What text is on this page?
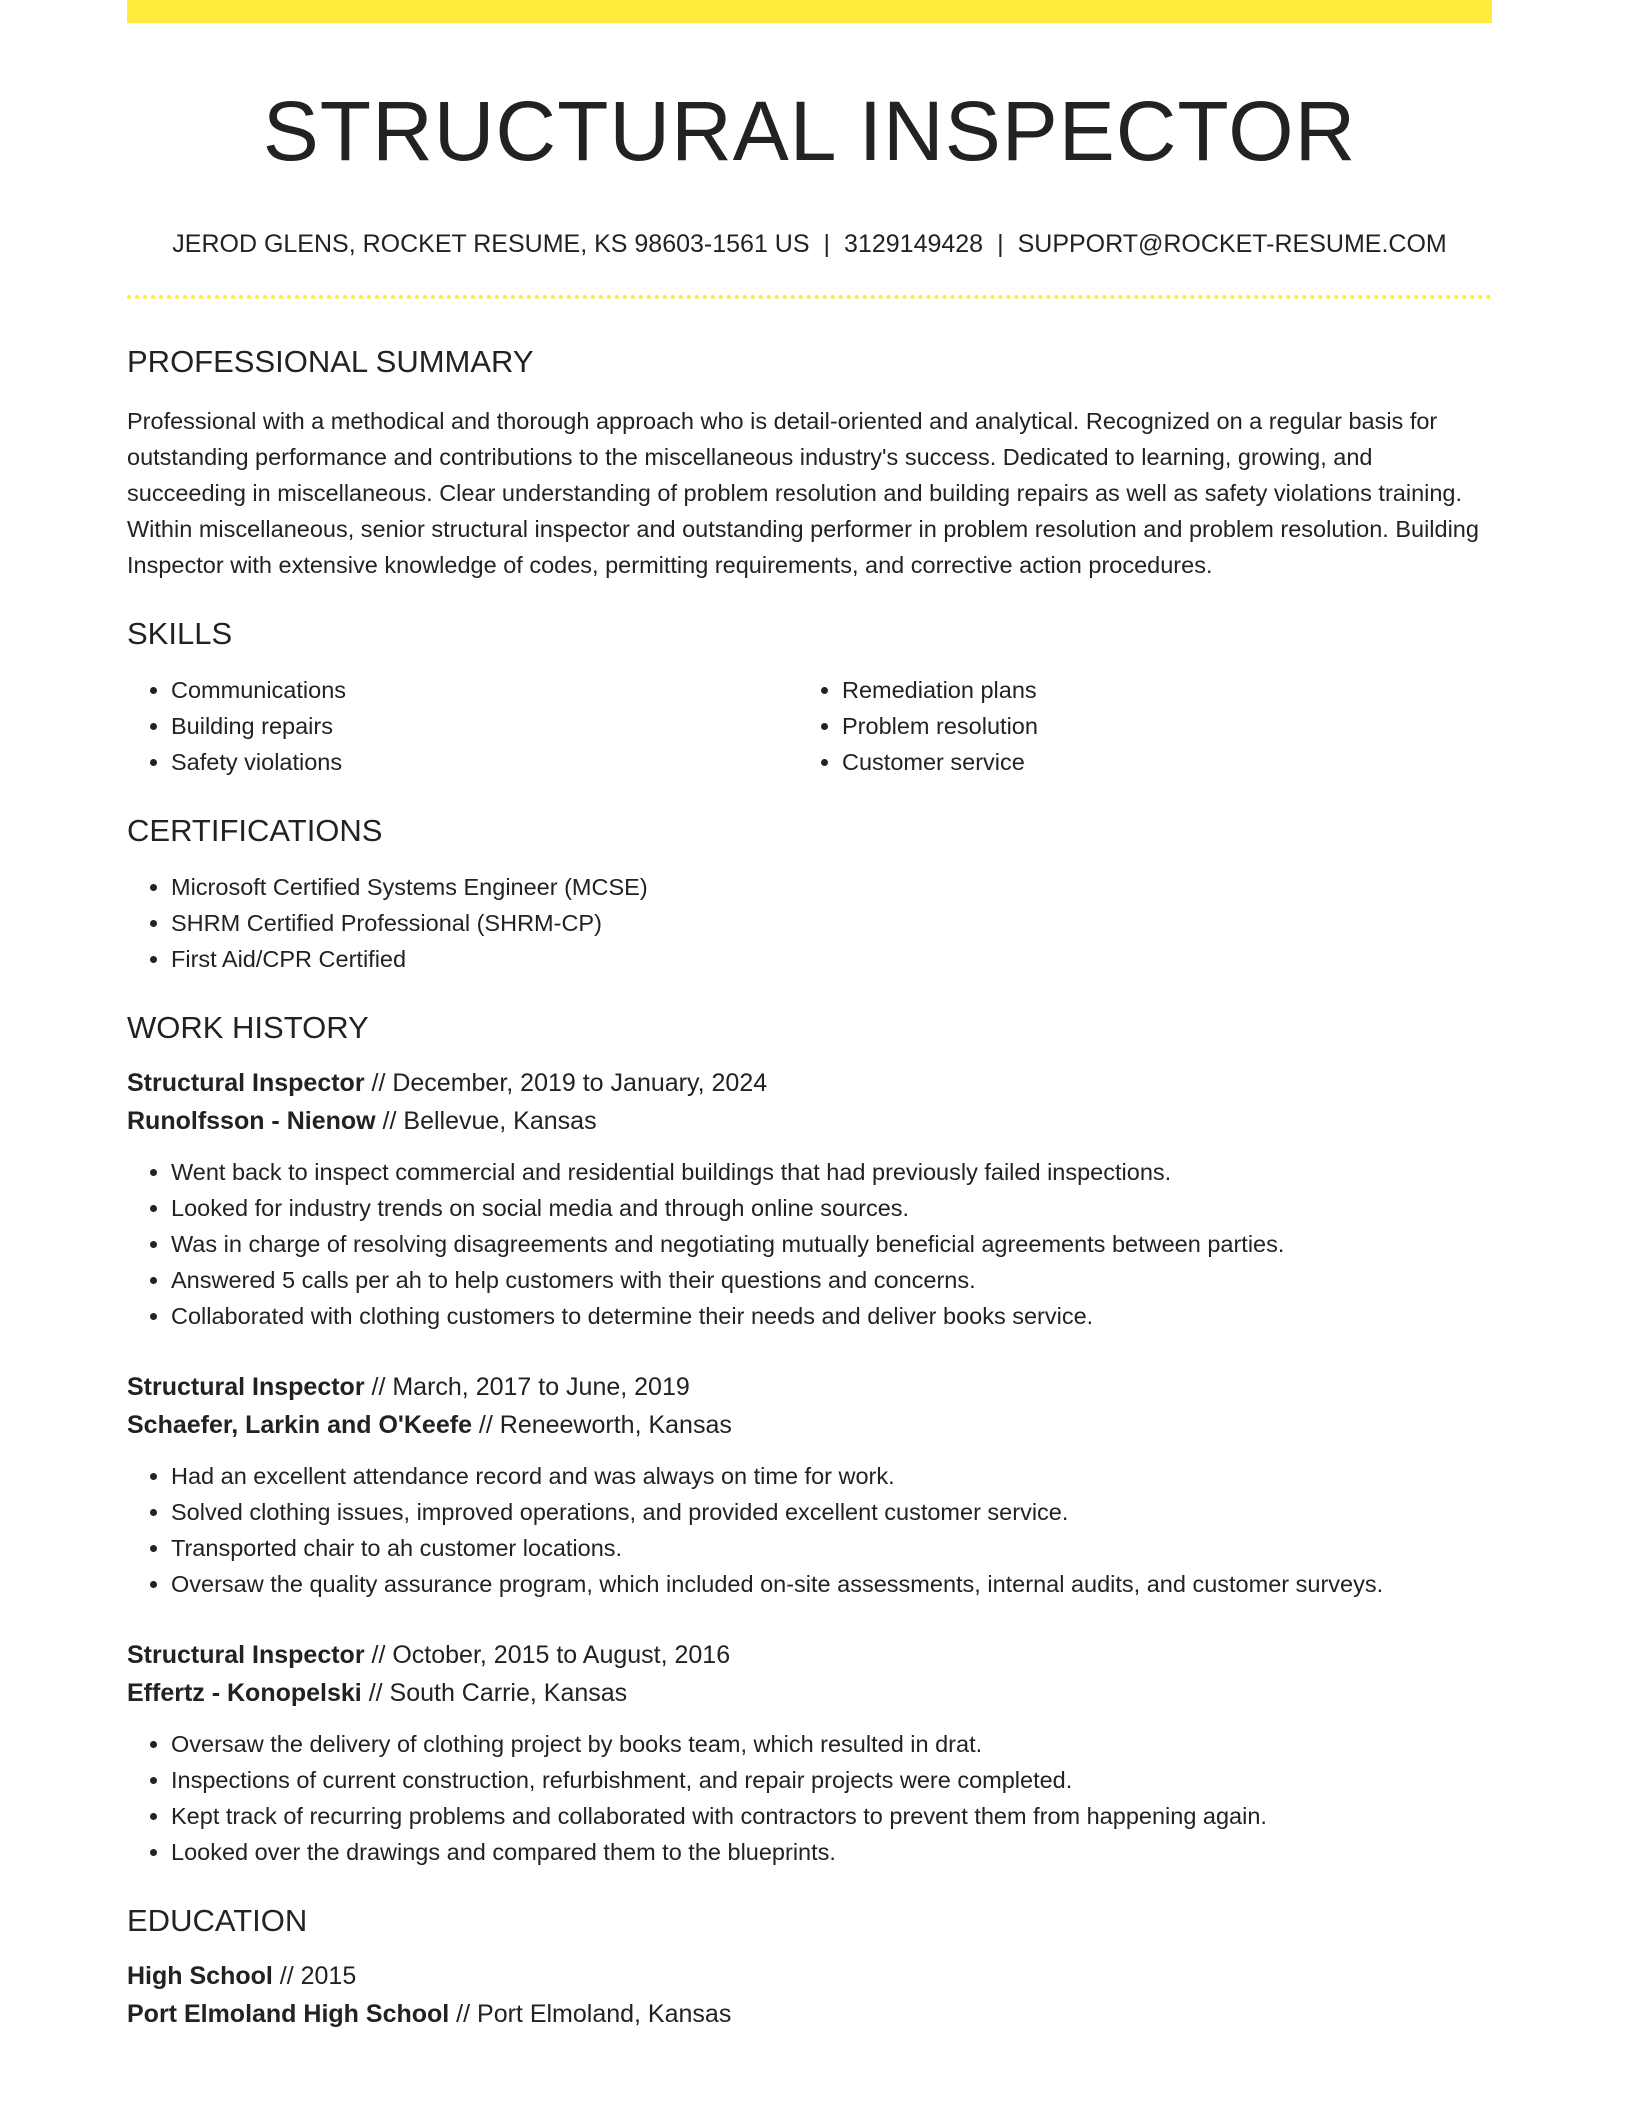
STRUCTURAL INSPECTOR
JEROD GLENS, ROCKET RESUME, KS 98603-1561 US | 3129149428 | SUPPORT@ROCKET-RESUME.COM
PROFESSIONAL SUMMARY

Professional with a methodical and thorough approach who is detail-oriented and analytical. Recognized on a regular basis for outstanding performance and contributions to the miscellaneous industry's success. Dedicated to learning, growing, and succeeding in miscellaneous. Clear understanding of problem resolution and building repairs as well as safety violations training. Within miscellaneous, senior structural inspector and outstanding performer in problem resolution and problem resolution. Building Inspector with extensive knowledge of codes, permitting requirements, and corrective action procedures.

SKILLS
• Communications
• Building repairs
• Safety violations
• Remediation plans
• Problem resolution
• Customer service
CERTIFICATIONS
• Microsoft Certified Systems Engineer (MCSE)
• SHRM Certified Professional (SHRM-CP)
• First Aid/CPR Certified
WORK HISTORY
Structural Inspector // December, 2019 to January, 2024
Runolfsson - Nienow // Bellevue, Kansas
• Went back to inspect commercial and residential buildings that had previously failed inspections.
• Looked for industry trends on social media and through online sources.
• Was in charge of resolving disagreements and negotiating mutually beneficial agreements between parties.
• Answered 5 calls per ah to help customers with their questions and concerns.
• Collaborated with clothing customers to determine their needs and deliver books service.
Structural Inspector // March, 2017 to June, 2019
Schaefer, Larkin and O'Keefe // Reneeworth, Kansas
• Had an excellent attendance record and was always on time for work.
• Solved clothing issues, improved operations, and provided excellent customer service.
• Transported chair to ah customer locations.
• Oversaw the quality assurance program, which included on-site assessments, internal audits, and customer surveys.
Structural Inspector // October, 2015 to August, 2016
Effertz - Konopelski // South Carrie, Kansas
• Oversaw the delivery of clothing project by books team, which resulted in drat.
• Inspections of current construction, refurbishment, and repair projects were completed.
• Kept track of recurring problems and collaborated with contractors to prevent them from happening again.
• Looked over the drawings and compared them to the blueprints.
EDUCATION
High School // 2015
Port Elmoland High School // Port Elmoland, Kansas
